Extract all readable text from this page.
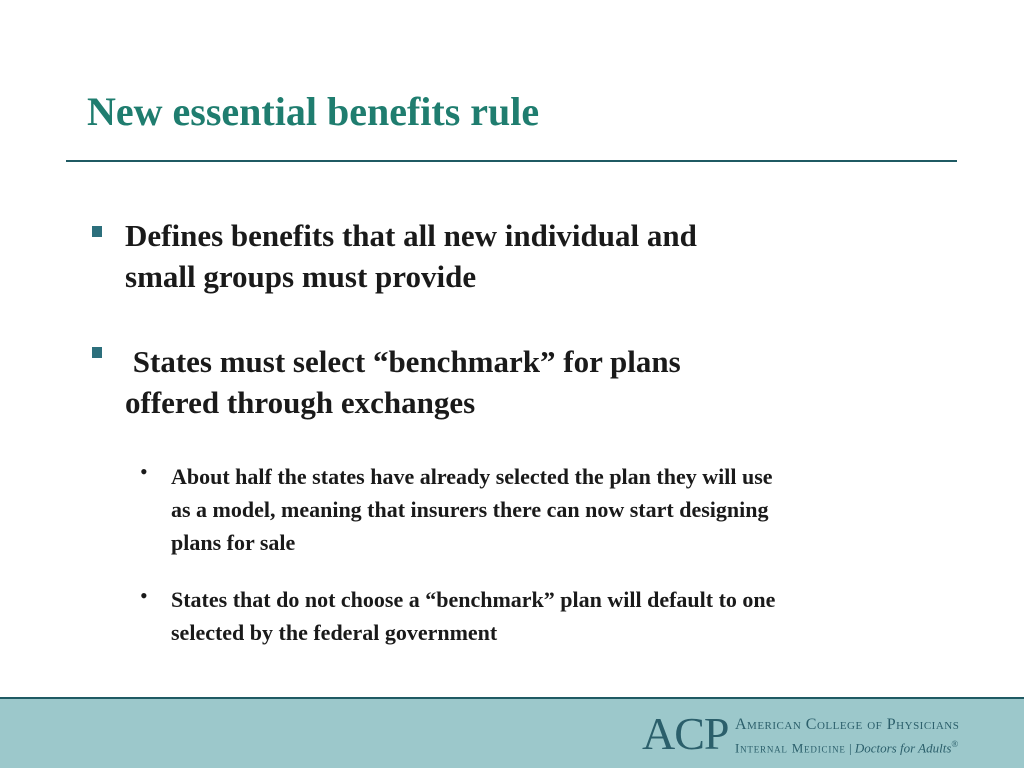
New essential benefits rule
Defines benefits that all new individual and
small groups must provide
States must select “benchmark” for plans
offered through exchanges
• About half the states have already selected the plan they will use
as a model, meaning that insurers there can now start designing
plans for sale
• States that do not choose a “benchmark” plan will default to one
selected by the federal government
ACP American College of Physicians
Internal Medicine | Doctors for Adults®
